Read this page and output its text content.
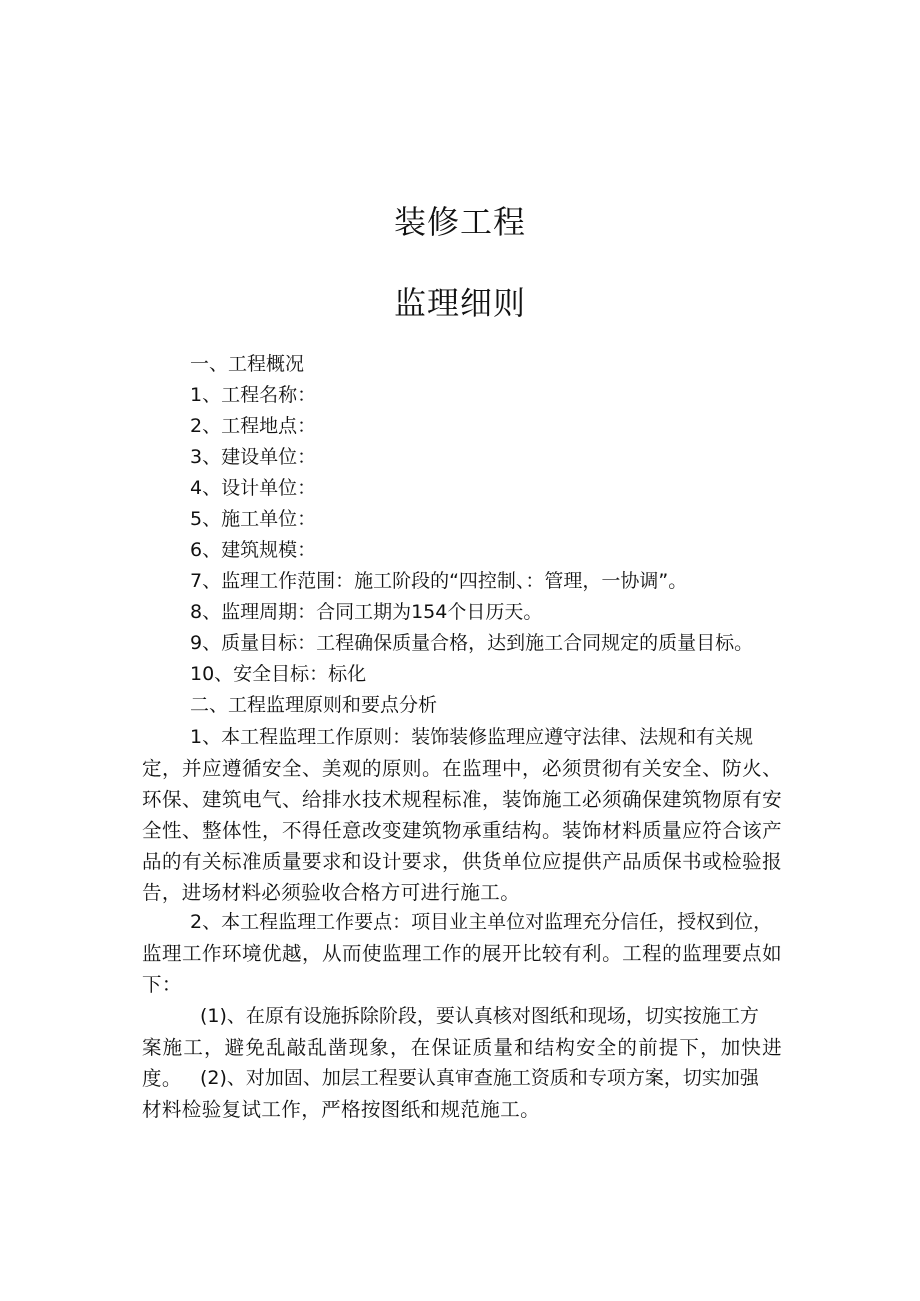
装修工程
监理细则
一、工程概况
1、工程名称：
2、工程地点：
3、建设单位：
4、设计单位：
5、施工单位：
6、建筑规模：
7、监理工作范围：施工阶段的“四控制、：管理，一协调”。
8、监理周期：合同工期为154个日历天。
9、质量目标：工程确保质量合格，达到施工合同规定的质量目标。
10、安全目标：标化
二、工程监理原则和要点分析
1、本工程监理工作原则：装饰装修监理应遵守法律、法规和有关规
定，并应遵循安全、美观的原则。在监理中，必须贯彻有关安全、防火、环保、建筑电气、给排水技术规程标准，装饰施工必须确保建筑物原有安全性、整体性，不得任意改变建筑物承重结构。装饰材料质量应符合该产品的有关标准质量要求和设计要求，供货单位应提供产品质保书或检验报告，进场材料必须验收合格方可进行施工。
2、本工程监理工作要点：项目业主单位对监理充分信任，授权到位，
监理工作环境优越，从而使监理工作的展开比较有利。工程的监理要点如下：
(1)、在原有设施拆除阶段，要认真核对图纸和现场，切实按施工方
案施工，避免乱敲乱凿现象，在保证质量和结构安全的前提下，加快进度。 (2)、对加固、加层工程要认真审查施工资质和专项方案，切实加强
材料检验复试工作，严格按图纸和规范施工。
